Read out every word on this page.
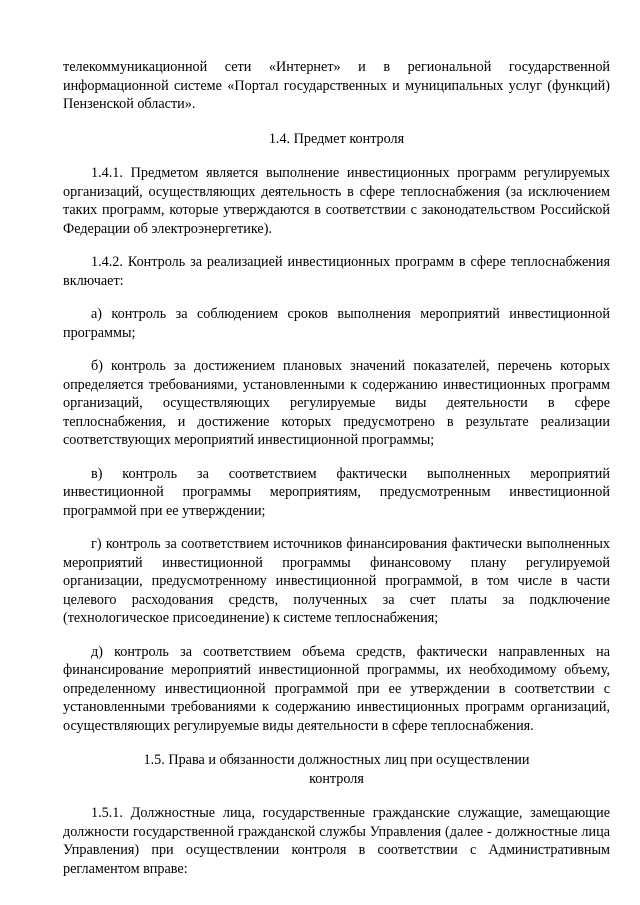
телекоммуникационной сети «Интернет» и в региональной государственной информационной системе «Портал государственных и муниципальных услуг (функций) Пензенской области».

1.4. Предмет контроля

1.4.1. Предметом является выполнение инвестиционных программ регулируемых организаций, осуществляющих деятельность в сфере теплоснабжения (за исключением таких программ, которые утверждаются в соответствии с законодательством Российской Федерации об электроэнергетике).

1.4.2. Контроль за реализацией инвестиционных программ в сфере теплоснабжения включает:

а) контроль за соблюдением сроков выполнения мероприятий инвестиционной программы;

б) контроль за достижением плановых значений показателей, перечень которых определяется требованиями, установленными к содержанию инвестиционных программ организаций, осуществляющих регулируемые виды деятельности в сфере теплоснабжения, и достижение которых предусмотрено в результате реализации соответствующих мероприятий инвестиционной программы;

в) контроль за соответствием фактически выполненных мероприятий инвестиционной программы мероприятиям, предусмотренным инвестиционной программой при ее утверждении;

г) контроль за соответствием источников финансирования фактически выполненных мероприятий инвестиционной программы финансовому плану регулируемой организации, предусмотренному инвестиционной программой, в том числе в части целевого расходования средств, полученных за счет платы за подключение (технологическое присоединение) к системе теплоснабжения;

д) контроль за соответствием объема средств, фактически направленных на финансирование мероприятий инвестиционной программы, их необходимому объему, определенному инвестиционной программой при ее утверждении в соответствии с установленными требованиями к содержанию инвестиционных программ организаций, осуществляющих регулируемые виды деятельности в сфере теплоснабжения.

1.5. Права и обязанности должностных лиц при осуществлении

контроля

1.5.1. Должностные лица, государственные гражданские служащие, замещающие должности государственной гражданской службы Управления (далее - должностные лица Управления) при осуществлении контроля в соответствии с Административным регламентом вправе:
